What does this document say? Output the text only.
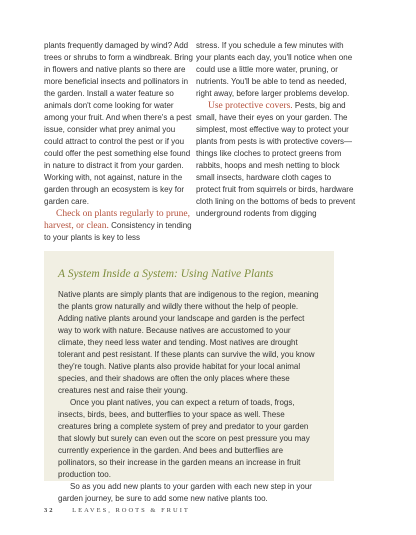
plants frequently damaged by wind? Add trees or shrubs to form a windbreak. Bring in flowers and native plants so there are more beneficial insects and pollinators in the garden. Install a water feature so animals don't come looking for water among your fruit. And when there's a pest issue, consider what prey animal you could attract to control the pest or if you could offer the pest something else found in nature to distract it from your garden. Working with, not against, nature in the garden through an ecosystem is key for garden care.

Check on plants regularly to prune, harvest, or clean. Consistency in tending to your plants is key to less

stress. If you schedule a few minutes with your plants each day, you'll notice when one could use a little more water, pruning, or nutrients. You'll be able to tend as needed, right away, before larger problems develop.

Use protective covers. Pests, big and small, have their eyes on your garden. The simplest, most effective way to protect your plants from pests is with protective covers—things like cloches to protect greens from rabbits, hoops and mesh netting to block small insects, hardware cloth cages to protect fruit from squirrels or birds, hardware cloth lining on the bottoms of beds to prevent underground rodents from digging

A System Inside a System: Using Native Plants

Native plants are simply plants that are indigenous to the region, meaning the plants grow naturally and wildly there without the help of people. Adding native plants around your landscape and garden is the perfect way to work with nature. Because natives are accustomed to your climate, they need less water and tending. Most natives are drought tolerant and pest resistant. If these plants can survive the wild, you know they're tough. Native plants also provide habitat for your local animal species, and their shadows are often the only places where these creatures nest and raise their young.

Once you plant natives, you can expect a return of toads, frogs, insects, birds, bees, and butterflies to your space as well. These creatures bring a complete system of prey and predator to your garden that slowly but surely can even out the score on pest pressure you may currently experience in the garden. And bees and butterflies are pollinators, so their increase in the garden means an increase in fruit production too.

So as you add new plants to your garden with each new step in your garden journey, be sure to add some new native plants too.

32	LEAVES, ROOTS & FRUIT
